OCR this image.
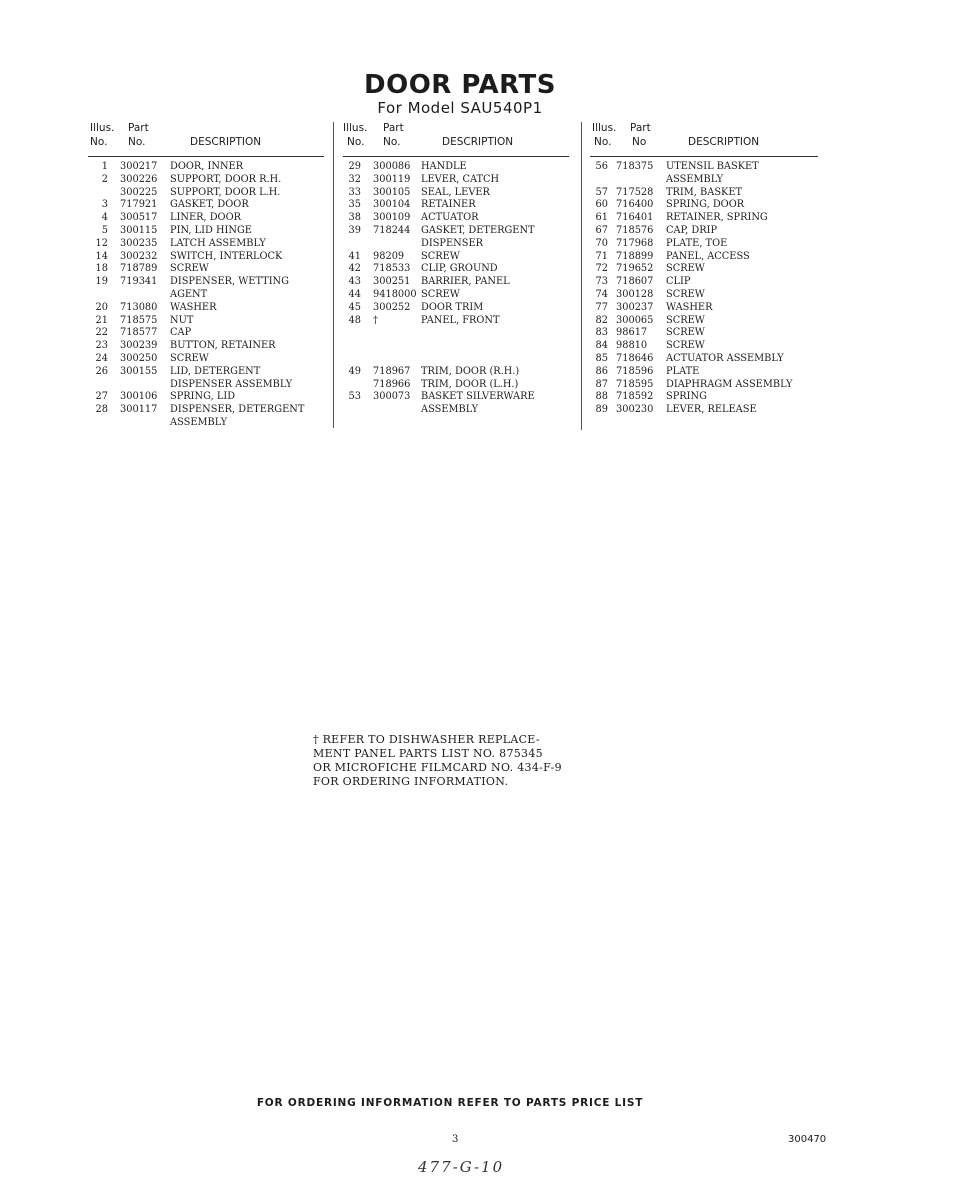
DOOR PARTS
For Model SAU540P1
Illus. Part
No. No.	DESCRIPTION
1 300217 DOOR, INNER
2 300226 SUPPORT, DOOR R.H.
300225 SUPPORT, DOOR L.H.
3 717921 GASKET, DOOR
4 300517 LINER, DOOR
5 300115 PIN, LID HINGE
12 300235 LATCH ASSEMBLY
14 300232 SWITCH, INTERLOCK
18 718789 SCREW
19 719341 DISPENSER, WETTING
AGENT
20 713080 WASHER
21 718575 NUT
22 718577 CAP
23 300239 BUTTON, RETAINER
24 300250 SCREW
26 300155 LID, DETERGENT
DISPENSER ASSEMBLY
27 300106 SPRING, LID
28 300117 DISPENSER, DETERGENT
ASSEMBLY
Illus. Part
No. No.	DESCRIPTION
29 300086 HANDLE
32 300119 LEVER, CATCH
33 300105 SEAL, LEVER
35 300104 RETAINER
38 300109 ACTUATOR
39 718244 GASKET, DETERGENT
DISPENSER
41 98209 SCREW
42 718533 CLIP, GROUND
43 300251 BARRIER, PANEL
44 9418000 SCREW
45 300252 DOOR TRIM
48 †	PANEL, FRONT
49 718967 TRIM, DOOR (R.H.)
718966 TRIM, DOOR (L.H.)
53 300073 BASKET SILVERWARE
ASSEMBLY
Illus. Part
No. No	DESCRIPTION
56 718375 UTENSIL BASKET
ASSEMBLY
57 717528 TRIM, BASKET
60 716400 SPRING, DOOR
61 716401 RETAINER, SPRING
67 718576 CAP, DRIP
70 717968 PLATE, TOE
71 718899 PANEL, ACCESS
72 719652 SCREW
73 718607 CLIP
74 300128 SCREW
77 300237 WASHER
82 300065 SCREW
83 98617 SCREW
84 98810 SCREW
85 718646 ACTUATOR ASSEMBLY
86 718596 PLATE
87 718595 DIAPHRAGM ASSEMBLY
88 718592 SPRING
89 300230 LEVER, RELEASE
† REFER TO DISHWASHER REPLACE-
MENT PANEL PARTS LIST NO. 875345
OR MICROFICHE FILMCARD NO. 434-F-9
FOR ORDERING INFORMATION.
FOR ORDERING INFORMATION REFER TO PARTS PRICE LIST
3	300470
477-G-10
